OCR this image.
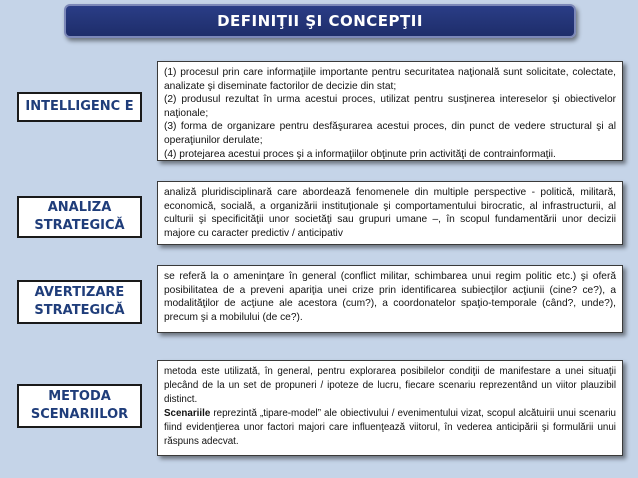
DEFINIŢII ŞI CONCEPŢII
INTELLIGENC E

(1) procesul prin care informaţiile importante pentru securitatea naţională sunt solicitate, colectate, analizate şi diseminate factorilor de decizie din stat;

(2) produsul rezultat în urma acestui proces, utilizat pentru susţinerea intereselor şi obiectivelor naţionale;

(3) forma de organizare pentru desfăşurarea acestui proces, din punct de vedere structural şi al operaţiunilor derulate;

(4) protejarea acestui proces şi a informaţiilor obţinute prin activităţi de contrainformaţii.

ANALIZA
STRATEGICĂ

analiză pluridisciplinară care abordează fenomenele din multiple perspective - politică, militară, economică, socială, a organizării instituţionale şi comportamentului birocratic, al infrastructurii, al culturii şi specificităţii unor societăţi sau grupuri umane –, în scopul fundamentării unor decizii majore cu caracter predictiv / anticipativ

AVERTIZARE
STRATEGICĂ

se referă la o ameninţare în general (conflict militar, schimbarea unui regim politic etc.) şi oferă posibilitatea de a preveni apariţia unei crize prin identificarea subiecţilor acţiunii (cine? ce?), a modalităţilor de acţiune ale acestora (cum?), a coordonatelor spaţio-temporale (când?, unde?), precum şi a mobilului (de ce?).

METODA
SCENARIILOR

metoda este utilizată, în general, pentru explorarea posibilelor condiţii de manifestare a unei situaţii plecând de la un set de propuneri / ipoteze de lucru, fiecare scenariu reprezentând un viitor plauzibil distinct.

Scenariile reprezintă „tipare-model” ale obiectivului / evenimentului vizat, scopul alcătuirii unui scenariu fiind evidenţierea unor factori majori care influenţează viitorul, în vederea anticipării şi formulării unui răspuns adecvat.
